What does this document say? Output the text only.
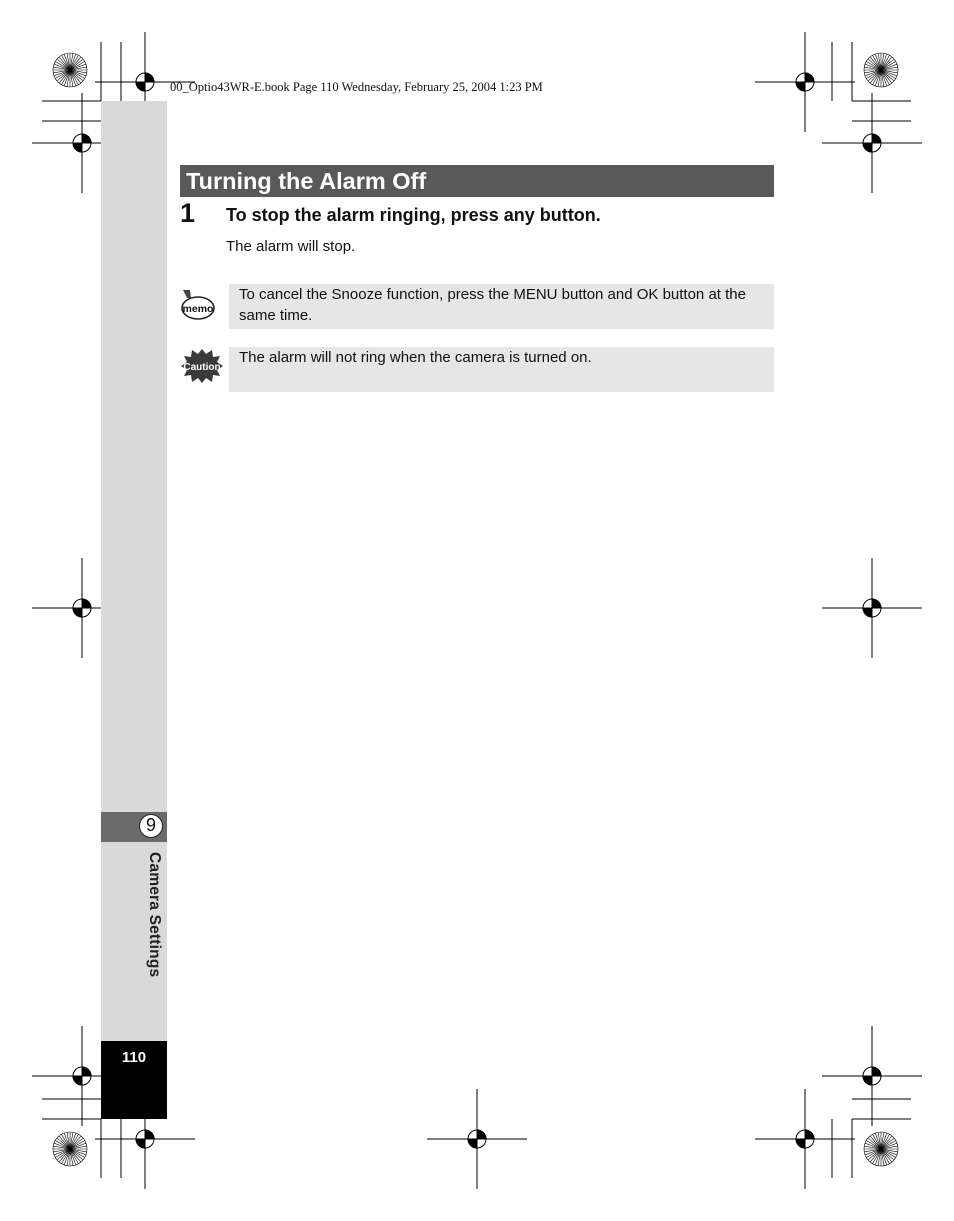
9
Camera Settings
110
00_Optio43WR-E.book Page 110 Wednesday, February 25, 2004 1:23 PM
Turning the Alarm Off
1 To stop the alarm ringing, press any button.
The alarm will stop.
memo
To cancel the Snooze function, press the MENU button and OK button at the same time.
Caution
The alarm will not ring when the camera is turned on.
